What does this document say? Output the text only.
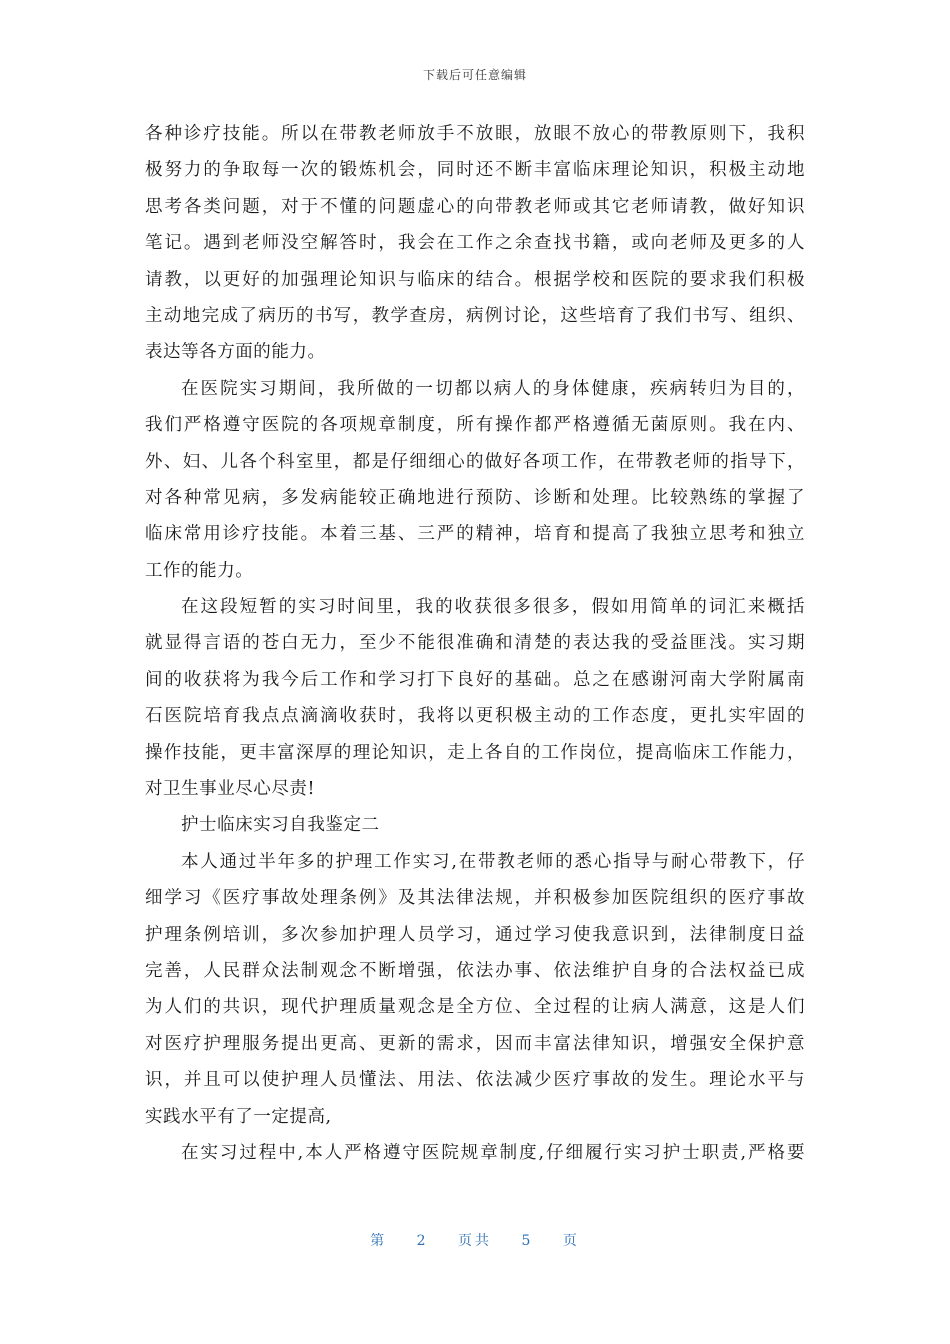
下载后可任意编辑
各种诊疗技能。所以在带教老师放手不放眼，放眼不放心的带教原则下，我积
极努力的争取每一次的锻炼机会，同时还不断丰富临床理论知识，积极主动地
思考各类问题，对于不懂的问题虚心的向带教老师或其它老师请教，做好知识
笔记。遇到老师没空解答时，我会在工作之余查找书籍，或向老师及更多的人
请教，以更好的加强理论知识与临床的结合。根据学校和医院的要求我们积极
主动地完成了病历的书写，教学查房，病例讨论，这些培育了我们书写、组织、
表达等各方面的能力。
在医院实习期间，我所做的一切都以病人的身体健康，疾病转归为目的，
我们严格遵守医院的各项规章制度，所有操作都严格遵循无菌原则。我在内、
外、妇、儿各个科室里，都是仔细细心的做好各项工作，在带教老师的指导下，
对各种常见病，多发病能较正确地进行预防、诊断和处理。比较熟练的掌握了
临床常用诊疗技能。本着三基、三严的精神，培育和提高了我独立思考和独立
工作的能力。
在这段短暂的实习时间里，我的收获很多很多，假如用简单的词汇来概括
就显得言语的苍白无力，至少不能很准确和清楚的表达我的受益匪浅。实习期
间的收获将为我今后工作和学习打下良好的基础。总之在感谢河南大学附属南
石医院培育我点点滴滴收获时，我将以更积极主动的工作态度，更扎实牢固的
操作技能，更丰富深厚的理论知识，走上各自的工作岗位，提高临床工作能力，
对卫生事业尽心尽责!
护士临床实习自我鉴定二
本人通过半年多的护理工作实习,在带教老师的悉心指导与耐心带教下，仔
细学习《医疗事故处理条例》及其法律法规，并积极参加医院组织的医疗事故
护理条例培训，多次参加护理人员学习，通过学习使我意识到，法律制度日益
完善，人民群众法制观念不断增强，依法办事、依法维护自身的合法权益已成
为人们的共识，现代护理质量观念是全方位、全过程的让病人满意，这是人们
对医疗护理服务提出更高、更新的需求，因而丰富法律知识，增强安全保护意
识，并且可以使护理人员懂法、用法、依法减少医疗事故的发生。理论水平与
实践水平有了一定提高,
在实习过程中,本人严格遵守医院规章制度,仔细履行实习护士职责,严格要
第 2 页共 5 页
